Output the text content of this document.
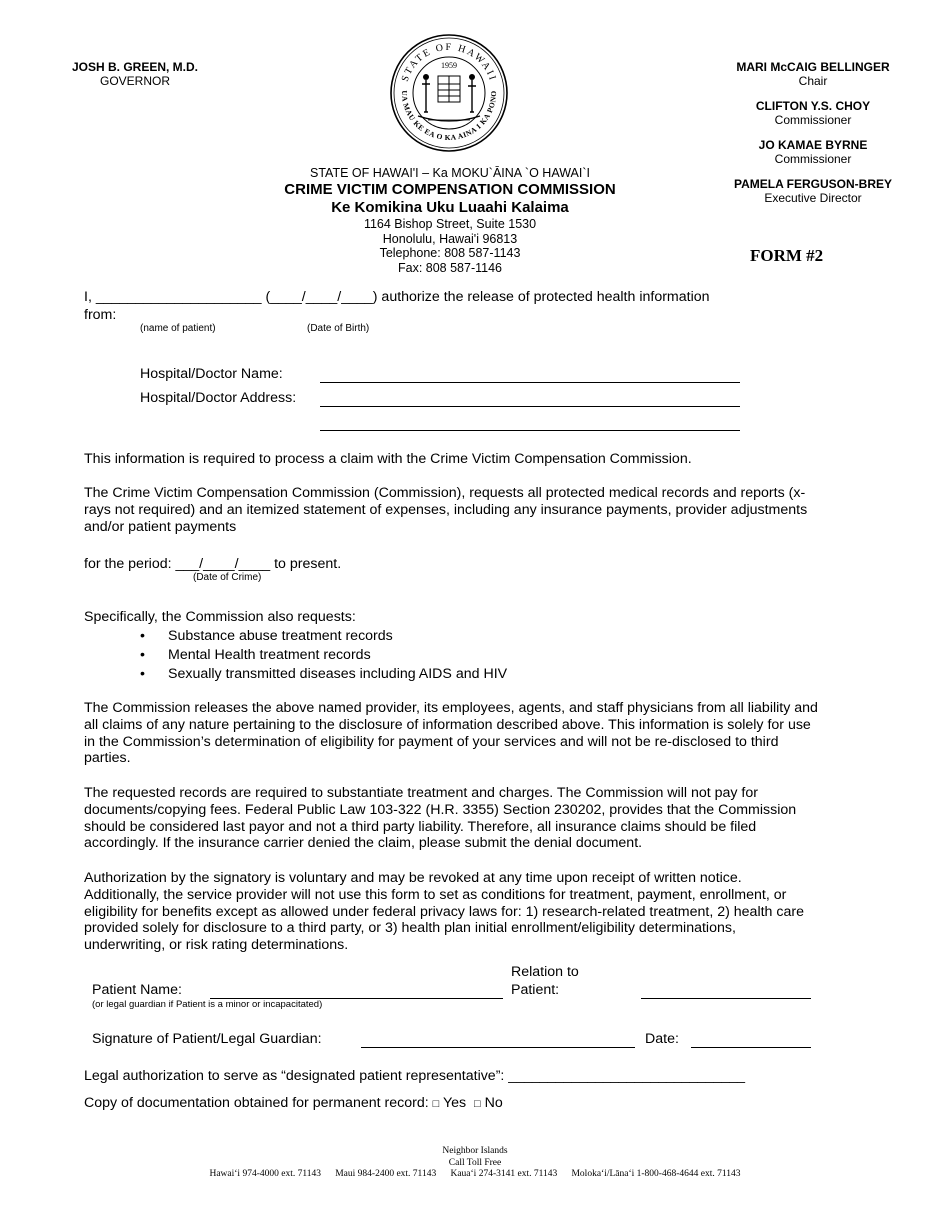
JOSH B. GREEN, M.D.
GOVERNOR	STATE OF HAWAII
UA MAU KE EA O KA AINA I KA PONO
1959	MARI McCAIG BELLINGER
Chair
CLIFTON Y.S. CHOY
Commissioner
JO KAMAE BYRNE
Commissioner
PAMELA FERGUSON-BREY
Executive Director
STATE OF HAWAI'I – Ka MOKU`ĀINA `O HAWAI`I
CRIME VICTIM COMPENSATION COMMISSION
Ke Komikina Uku Luaahi Kalaima
1164 Bishop Street, Suite 1530
Honolulu, Hawai'i 96813
Telephone: 808 587-1143
Fax: 808 587-1146
FORM #2
I, _____________________ (____/____/____) authorize the release of protected health information
from:
(name of patient)	(Date of Birth)
Hospital/Doctor Name:
Hospital/Doctor Address:
This information is required to process a claim with the Crime Victim Compensation Commission.
The Crime Victim Compensation Commission (Commission), requests all protected medical records and reports (x-rays not required) and an itemized statement of expenses, including any insurance payments, provider adjustments and/or patient payments
for the period: ___/____/____ to present.
(Date of Crime)
Specifically, the Commission also requests:
• Substance abuse treatment records
• Mental Health treatment records
• Sexually transmitted diseases including AIDS and HIV
The Commission releases the above named provider, its employees, agents, and staff physicians from all liability and all claims of any nature pertaining to the disclosure of information described above. This information is solely for use in the Commission’s determination of eligibility for payment of your services and will not be re-disclosed to third parties.
The requested records are required to substantiate treatment and charges. The Commission will not pay for documents/copying fees. Federal Public Law 103-322 (H.R. 3355) Section 230202, provides that the Commission should be considered last payor and not a third party liability. Therefore, all insurance claims should be filed accordingly. If the insurance carrier denied the claim, please submit the denial document.
Authorization by the signatory is voluntary and may be revoked at any time upon receipt of written notice. Additionally, the service provider will not use this form to set as conditions for treatment, payment, enrollment, or eligibility for benefits except as allowed under federal privacy laws for: 1) research-related treatment, 2) health care provided solely for disclosure to a third party, or 3) health plan initial enrollment/eligibility determinations, underwriting, or risk rating determinations.
Patient Name:
(or legal guardian if Patient is a minor or incapacitated)
Relation to
Patient:
Signature of Patient/Legal Guardian:	Date:
Legal authorization to serve as “designated patient representative”: ______________________________
Copy of documentation obtained for permanent record: □ Yes □ No
Neighbor Islands
Call Toll Free
Hawai‘i 974-4000 ext. 71143 Maui 984-2400 ext. 71143 Kaua‘i 274-3141 ext. 71143 Moloka‘i/Lāna‘i 1-800-468-4644 ext. 71143
